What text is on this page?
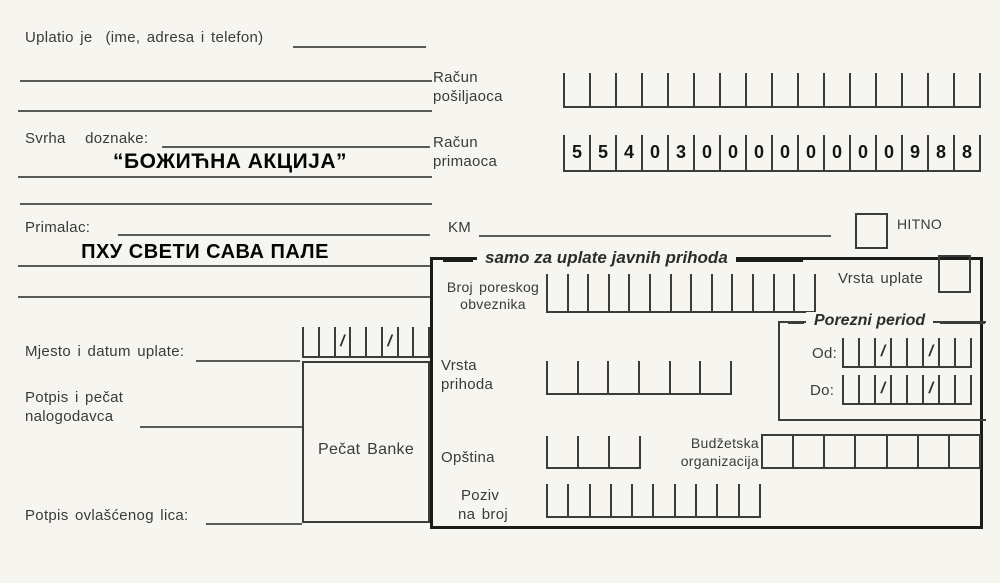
Uplatio je  (ime, adresa i telefon)
Svrha   doznake:
“БОЖИЋНА АКЦИЈА”
Primalac:
ПХУ СВЕТИ САВА ПАЛЕ
Mjesto i datum uplate:
/	/
Pečat Banke
Potpis i pečat
nalogodavca
Potpis ovlašćenog lica:
Račun
pošiljaoca
Račun
primaoca	5 5 4 0 3 0 0 0 0 0 0 0 0 9 8 8
KM	HITNO
samo za uplate javnih prihoda
Broj poreskog
obveznika
Vrsta uplate
Porezni period
Od:	/	/
Do:	/	/
Vrsta
prihoda
Opština
Budžetska
organizacija
Poziv
na broj
